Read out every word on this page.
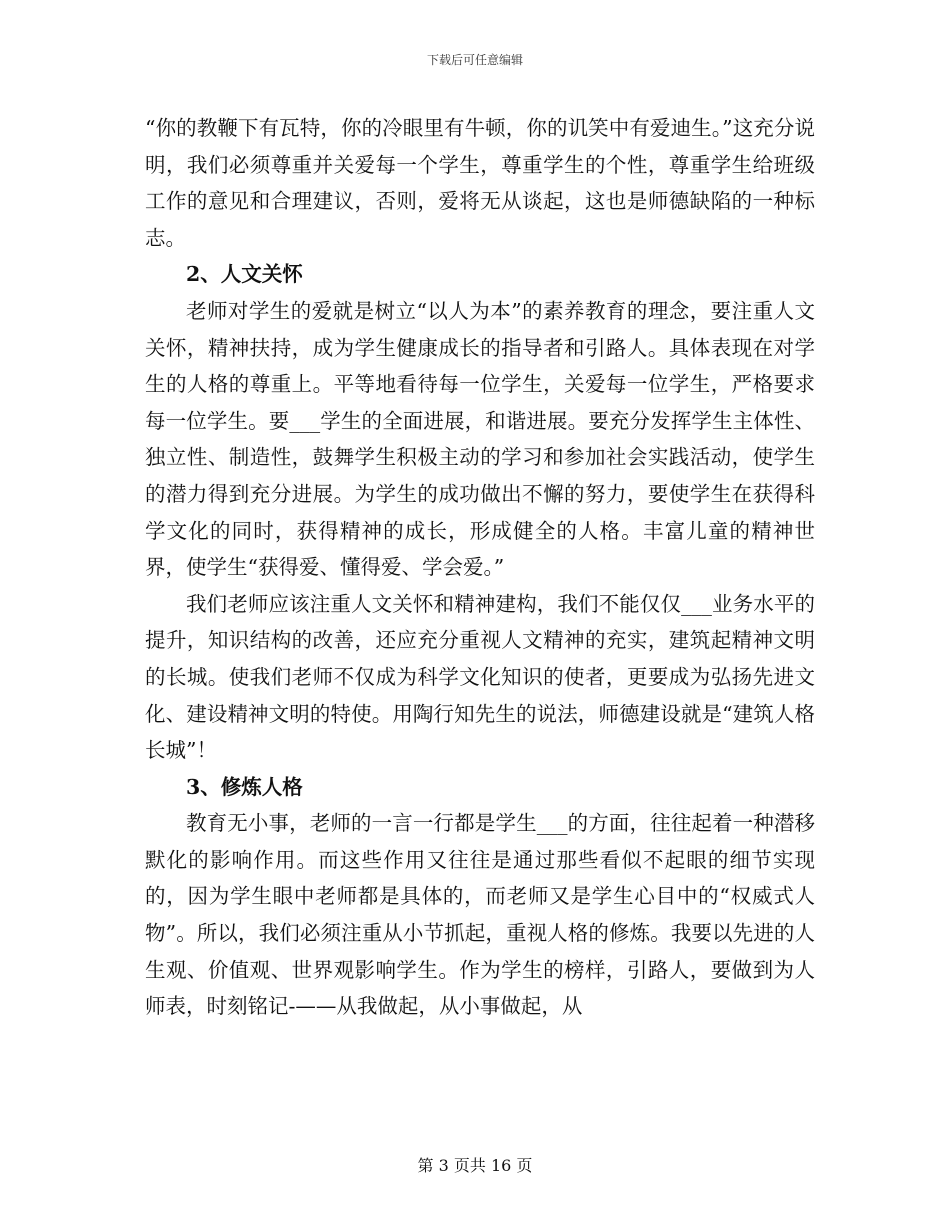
下载后可任意编辑

“你的教鞭下有瓦特，你的冷眼里有牛顿，你的讥笑中有爱迪生。”这充分说明，我们必须尊重并关爱每一个学生，尊重学生的个性，尊重学生给班级工作的意见和合理建议，否则，爱将无从谈起，这也是师德缺陷的一种标志。

2、人文关怀

老师对学生的爱就是树立“以人为本”的素养教育的理念，要注重人文关怀，精神扶持，成为学生健康成长的指导者和引路人。具体表现在对学生的人格的尊重上。平等地看待每一位学生，关爱每一位学生，严格要求每一位学生。要___学生的全面进展，和谐进展。要充分发挥学生主体性、独立性、制造性，鼓舞学生积极主动的学习和参加社会实践活动，使学生的潜力得到充分进展。为学生的成功做出不懈的努力，要使学生在获得科学文化的同时，获得精神的成长，形成健全的人格。丰富儿童的精神世界，使学生“获得爱、懂得爱、学会爱。”

我们老师应该注重人文关怀和精神建构，我们不能仅仅___业务水平的提升，知识结构的改善，还应充分重视人文精神的充实，建筑起精神文明的长城。使我们老师不仅成为科学文化知识的使者，更要成为弘扬先进文化、建设精神文明的特使。用陶行知先生的说法，师德建设就是“建筑人格长城”！

3、修炼人格

教育无小事，老师的一言一行都是学生___的方面，往往起着一种潜移默化的影响作用。而这些作用又往往是通过那些看似不起眼的细节实现的，因为学生眼中老师都是具体的，而老师又是学生心目中的“权威式人物”。所以，我们必须注重从小节抓起，重视人格的修炼。我要以先进的人生观、价值观、世界观影响学生。作为学生的榜样，引路人，要做到为人师表，时刻铭记-——从我做起，从小事做起，从

第 3 页共 16 页
